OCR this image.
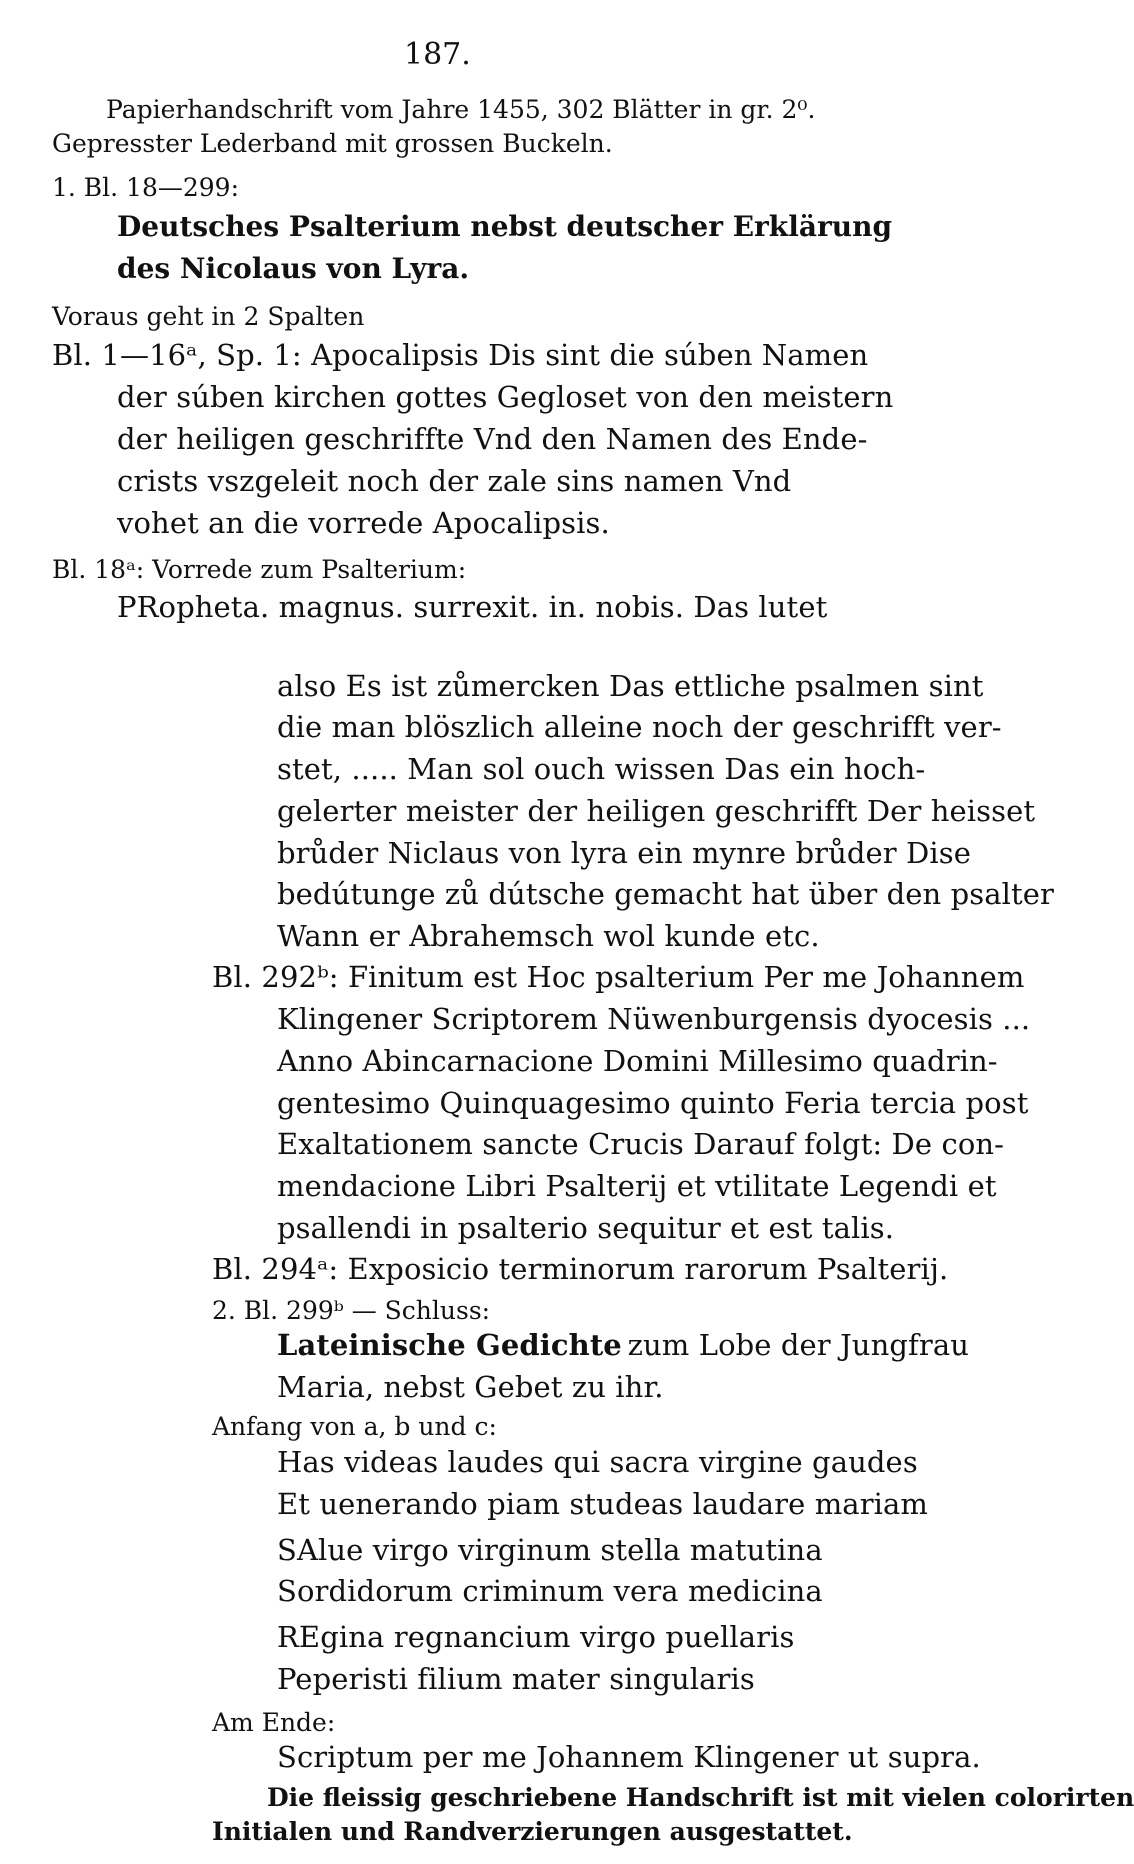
187.
Papierhandschrift vom Jahre 1455, 302 Blätter in gr. 2⁰.
Gepresster Lederband mit grossen Buckeln.
1. Bl. 18—299:
Deutsches Psalterium nebst deutscher Erklärung
des Nicolaus von Lyra.
Voraus geht in 2 Spalten
Bl. 1—16ᵃ, Sp. 1: Apocalipsis Dis sint die súben Namen
der súben kirchen gottes Gegloset von den meistern
der heiligen geschriffte Vnd den Namen des Ende-
crists vszgeleit noch der zale sins namen Vnd
vohet an die vorrede Apocalipsis.
Bl. 18ᵃ: Vorrede zum Psalterium:
PRopheta. magnus. surrexit. in. nobis. Das lutet
also Es ist zůmercken Das ettliche psalmen sint
die man blöszlich alleine noch der geschrifft ver-
stet, ..... Man sol ouch wissen Das ein hoch-
gelerter meister der heiligen geschrifft Der heisset
brůder Niclaus von lyra ein mynre brůder Dise
bedútunge zů dútsche gemacht hat über den psalter
Wann er Abrahemsch wol kunde etc.
Bl. 292ᵇ: Finitum est Hoc psalterium Per me Johannem
Klingener Scriptorem Nüwenburgensis dyocesis ...
Anno Abincarnacione Domini Millesimo quadrin-
gentesimo Quinquagesimo quinto Feria tercia post
Exaltationem sancte Crucis Darauf folgt: De con-
mendacione Libri Psalterij et vtilitate Legendi et
psallendi in psalterio sequitur et est talis.
Bl. 294ᵃ: Exposicio terminorum rarorum Psalterij.
2. Bl. 299ᵇ — Schluss:
Lateinische Gedichte zum Lobe der Jungfrau
Maria, nebst Gebet zu ihr.
Anfang von a, b und c:
Has videas laudes qui sacra virgine gaudes
Et uenerando piam studeas laudare mariam
SAlue virgo virginum stella matutina
Sordidorum criminum vera medicina
REgina regnancium virgo puellaris
Peperisti filium mater singularis
Am Ende:
Scriptum per me Johannem Klingener ut supra.
Die fleissig geschriebene Handschrift ist mit vielen colorirten
Initialen und Randverzierungen ausgestattet.
